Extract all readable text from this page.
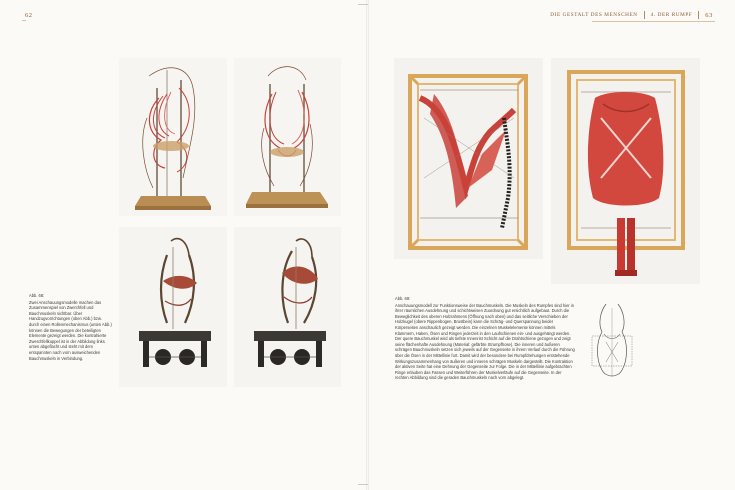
62	DIE GESTALT DES MENSCHEN	4. DER RUMPF 63

Abb. 68:

Zwei Anschauungsmodelle machen das Zusammenspiel von Zwerchfell und Bauchmuskeln sichtbar. Über Handzugvorrichtungen (oben Abb.) bzw. durch einen Rollenmechanismus (unten Abb.) können die Bewegungen der beteiligten Elemente gezeigt werden. Die kontrahierte Zwerchfellkuppel ist in der Abbildung links unten abgeflacht und steht mit dem entspannten nach vorn ausweichenden Bauchmuskeln in Verbindung.

Abb. 69:

Anschauungsmodell zur Funktionsweise der Bauchmuskeln. Die Muskeln des Rumpfes sind hier in ihrer räumlichen Ausdehnung und schichtweisen Zuordnung gut ersichtlich aufgebaut. Durch die Beweglichkeit des oberen Holzrahmens (Öffnung nach oben) und das seitliche Verschieben der Holzkugel (obere Rippenbogen, Brustbein) kann die Schräg- und Querspannung beider Körperseiten anschaulich gezeigt werden. Die einzelnen Muskelelemente können mittels Klammern, Haken, Ösen und Ringen jederzeit in den Laufschienen ein- und ausgehängt werden. Der quere Bauchmuskel wird als tiefste Innenrist Schicht auf die Drahtschiene gezogen und zeigt seine flächenhafte Ausdehnung (Material: gefärbte Strumpfhose). Die inneren und äußeren schrägen Bauchmuskeln setzen sich jeweils auf der Gegenseite in ihrem Verlauf durch die Führung über die Ösen in der Mittellinie fort. Damit wird der besondere bei Rumpfdrehungen entstehende Wirkungszusammenhang von äußeren und inneren schrägen Muskeln dargestellt. Die Kontraktion der aktiven Seite hat eine Dehnung der Gegenseite zur Folge. Die in der Mittellinie aufgebrachten Ringe erlauben das Fassen und Weiterführen der Muskelverläufe auf die Gegenseite. In der rechten Abbildung sind die geraden Bauchmuskeln nach vorn abgelegt.
